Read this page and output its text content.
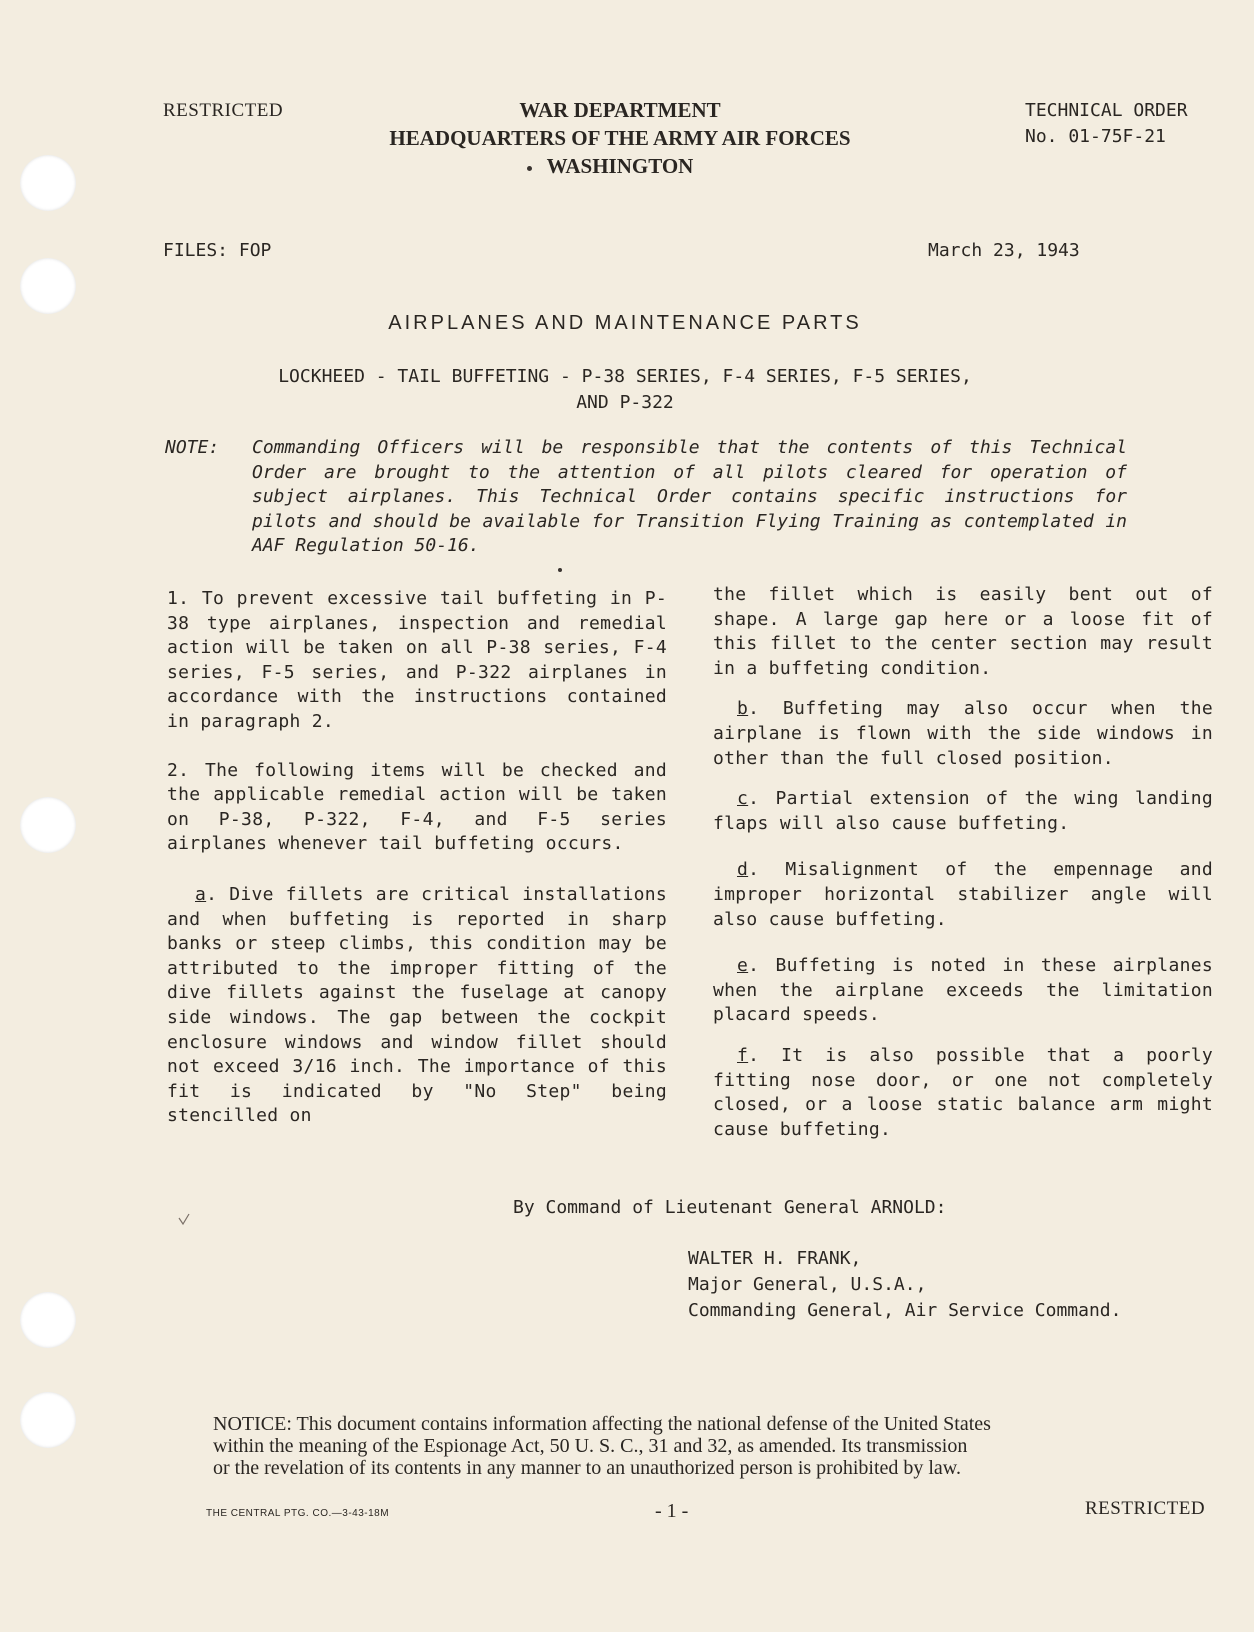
RESTRICTED	WAR DEPARTMENT
HEADQUARTERS OF THE ARMY AIR FORCES
WASHINGTON
TECHNICAL ORDER
No. 01-75F-21
FILES: FOP	March 23, 1943
AIRPLANES AND MAINTENANCE PARTS
LOCKHEED - TAIL BUFFETING - P-38 SERIES, F-4 SERIES, F-5 SERIES,
AND P-322
NOTE: Commanding Officers will be responsible that the contents of this Technical Order are brought to the attention of all pilots cleared for operation of subject airplanes. This Technical Order contains specific instructions for pilots and should be available for Transition Flying Training as contemplated in AAF Regulation 50-16.

1. To prevent excessive tail buffeting in P-38 type airplanes, inspection and remedial action will be taken on all P-38 series, F-4 series, F-5 series, and P-322 airplanes in accordance with the instructions contained in paragraph 2.

2. The following items will be checked and the applicable remedial action will be taken on P-38, P-322, F-4, and F-5 series airplanes whenever tail buffeting occurs.

a. Dive fillets are critical installations and when buffeting is reported in sharp banks or steep climbs, this condition may be attributed to the improper fitting of the dive fillets against the fuselage at canopy side windows. The gap between the cockpit enclosure windows and window fillet should not exceed 3/16 inch. The importance of this fit is indicated by "No Step" being stencilled on

the fillet which is easily bent out of shape. A large gap here or a loose fit of this fillet to the center section may result in a buffeting condition.

b. Buffeting may also occur when the airplane is flown with the side windows in other than the full closed position.

c. Partial extension of the wing landing flaps will also cause buffeting.

d. Misalignment of the empennage and improper horizontal stabilizer angle will also cause buffeting.

e. Buffeting is noted in these airplanes when the airplane exceeds the limitation placard speeds.

f. It is also possible that a poorly fitting nose door, or one not completely closed, or a loose static balance arm might cause buffeting.

By Command of Lieutenant General ARNOLD:
WALTER H. FRANK,
Major General, U.S.A.,
Commanding General, Air Service Command.
NOTICE: This document contains information affecting the national defense of the United States
within the meaning of the Espionage Act, 50 U. S. C., 31 and 32, as amended. Its transmission
or the revelation of its contents in any manner to an unauthorized person is prohibited by law.
THE CENTRAL PTG. CO.—3-43-18M	- 1 -	RESTRICTED
